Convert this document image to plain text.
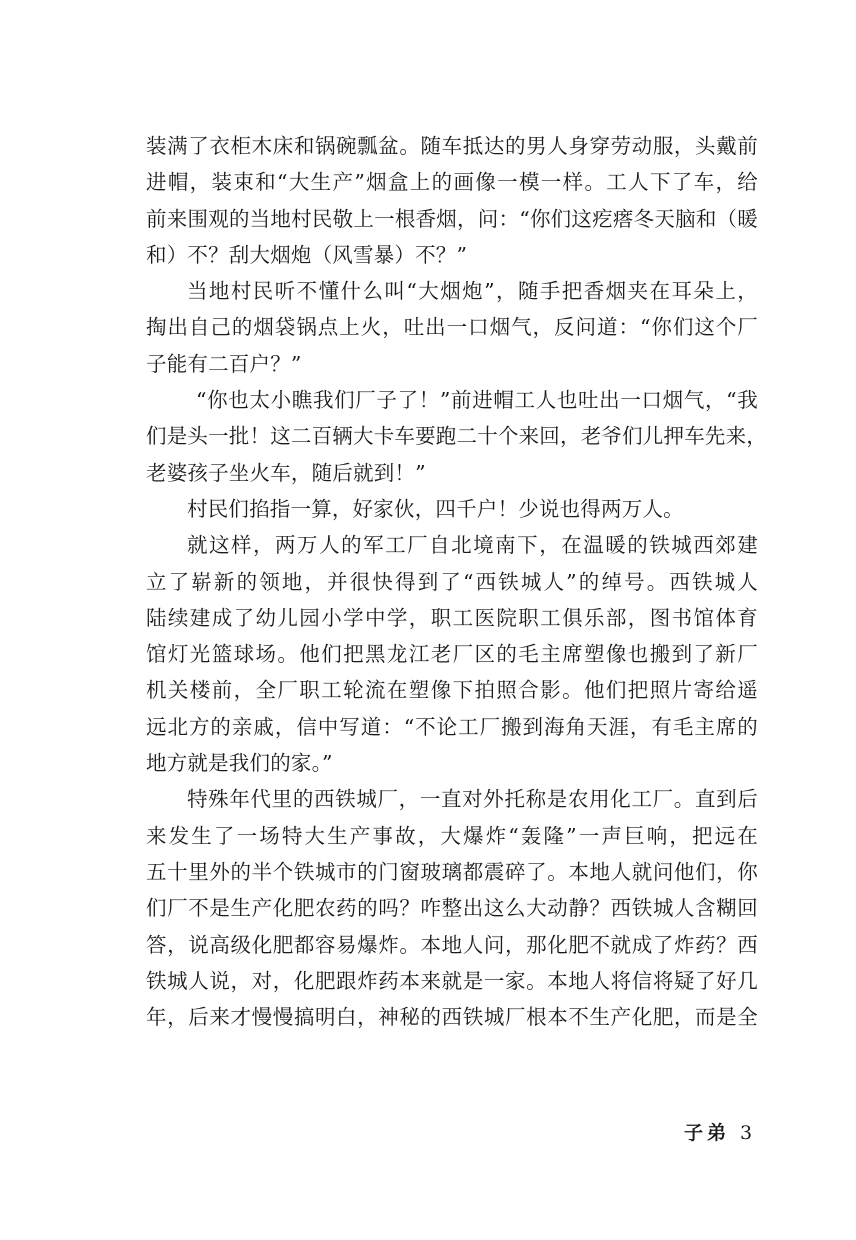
装满了衣柜木床和锅碗瓢盆。随车抵达的男人身穿劳动服，头戴前
进帽，装束和“大生产”烟盒上的画像一模一样。工人下了车，给
前来围观的当地村民敬上一根香烟，问：“你们这疙瘩冬天脑和（暖
和）不？刮大烟炮（风雪暴）不？”
当地村民听不懂什么叫“大烟炮”，随手把香烟夹在耳朵上，
掏出自己的烟袋锅点上火，吐出一口烟气，反问道：“你们这个厂
子能有二百户？”
“你也太小瞧我们厂子了！”前进帽工人也吐出一口烟气，“我
们是头一批！这二百辆大卡车要跑二十个来回，老爷们儿押车先来，
老婆孩子坐火车，随后就到！”
村民们掐指一算，好家伙，四千户！少说也得两万人。
就这样，两万人的军工厂自北境南下，在温暖的铁城西郊建
立了崭新的领地，并很快得到了“西铁城人”的绰号。西铁城人
陆续建成了幼儿园小学中学，职工医院职工俱乐部，图书馆体育
馆灯光篮球场。他们把黑龙江老厂区的毛主席塑像也搬到了新厂
机关楼前，全厂职工轮流在塑像下拍照合影。他们把照片寄给遥
远北方的亲戚，信中写道：“不论工厂搬到海角天涯，有毛主席的
地方就是我们的家。”
特殊年代里的西铁城厂，一直对外托称是农用化工厂。直到后
来发生了一场特大生产事故，大爆炸“轰隆”一声巨响，把远在
五十里外的半个铁城市的门窗玻璃都震碎了。本地人就问他们，你
们厂不是生产化肥农药的吗？咋整出这么大动静？西铁城人含糊回
答，说高级化肥都容易爆炸。本地人问，那化肥不就成了炸药？西
铁城人说，对，化肥跟炸药本来就是一家。本地人将信将疑了好几
年，后来才慢慢搞明白，神秘的西铁城厂根本不生产化肥，而是全
子弟 3
